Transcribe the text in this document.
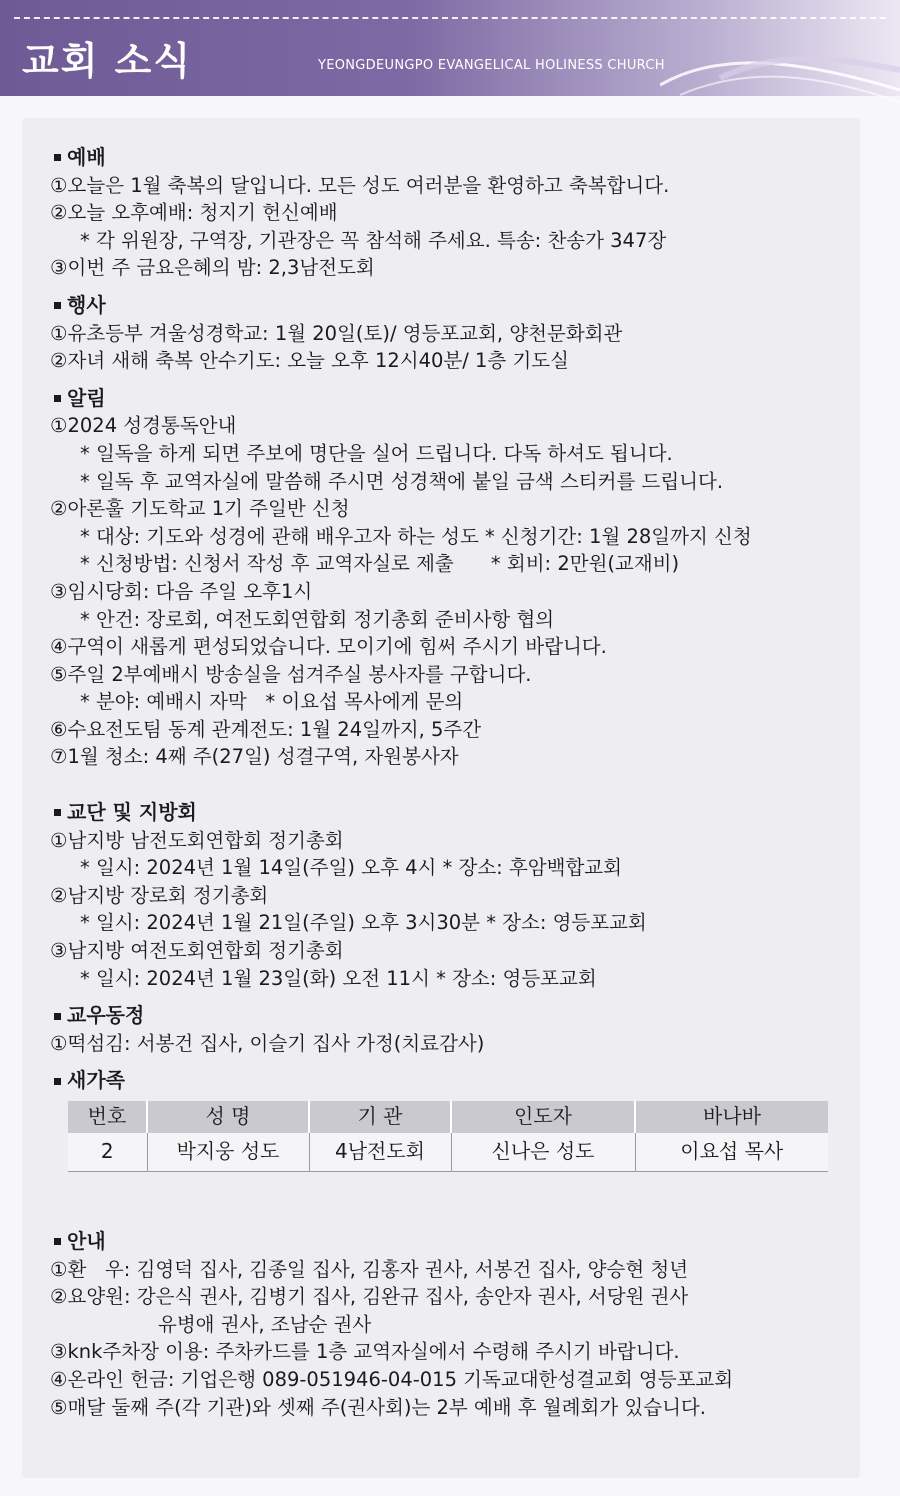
교회 소식	YEONGDEUNGPO EVANGELICAL HOLINESS CHURCH
예배
①오늘은 1월 축복의 달입니다. 모든 성도 여러분을 환영하고 축복합니다.
②오늘 오후예배: 청지기 헌신예배
* 각 위원장, 구역장, 기관장은 꼭 참석해 주세요. 특송: 찬송가 347장
③이번 주 금요은혜의 밤: 2,3남전도회
행사
①유초등부 겨울성경학교: 1월 20일(토)/ 영등포교회, 양천문화회관
②자녀 새해 축복 안수기도: 오늘 오후 12시40분/ 1층 기도실
알림
①2024 성경통독안내
* 일독을 하게 되면 주보에 명단을 실어 드립니다. 다독 하셔도 됩니다.
* 일독 후 교역자실에 말씀해 주시면 성경책에 붙일 금색 스티커를 드립니다.
②아론훌 기도학교 1기 주일반 신청
* 대상: 기도와 성경에 관해 배우고자 하는 성도 * 신청기간: 1월 28일까지 신청
* 신청방법: 신청서 작성 후 교역자실로 제출      * 회비: 2만원(교재비)
③임시당회: 다음 주일 오후1시
* 안건: 장로회, 여전도회연합회 정기총회 준비사항 협의
④구역이 새롭게 편성되었습니다. 모이기에 힘써 주시기 바랍니다.
⑤주일 2부예배시 방송실을 섬겨주실 봉사자를 구합니다.
* 분야: 예배시 자막   * 이요섭 목사에게 문의
⑥수요전도팀 동계 관계전도: 1월 24일까지, 5주간
⑦1월 청소: 4째 주(27일) 성결구역, 자원봉사자
교단 및 지방회
①남지방 남전도회연합회 정기총회
* 일시: 2024년 1월 14일(주일) 오후 4시 * 장소: 후암백합교회
②남지방 장로회 정기총회
* 일시: 2024년 1월 21일(주일) 오후 3시30분 * 장소: 영등포교회
③남지방 여전도회연합회 정기총회
* 일시: 2024년 1월 23일(화) 오전 11시 * 장소: 영등포교회
교우동정
①떡섬김: 서봉건 집사, 이슬기 집사 가정(치료감사)
새가족
번호	성 명	기 관	인도자	바나바
2	박지웅 성도	4남전도회	신나은 성도	이요섭 목사
안내
①환   우: 김영덕 집사, 김종일 집사, 김홍자 권사, 서봉건 집사, 양승현 청년
②요양원: 강은식 권사, 김병기 집사, 김완규 집사, 송안자 권사, 서당원 권사
유병애 권사, 조남순 권사
③knk주차장 이용: 주차카드를 1층 교역자실에서 수령해 주시기 바랍니다.
④온라인 헌금: 기업은행 089-051946-04-015 기독교대한성결교회 영등포교회
⑤매달 둘째 주(각 기관)와 셋째 주(권사회)는 2부 예배 후 월례회가 있습니다.
